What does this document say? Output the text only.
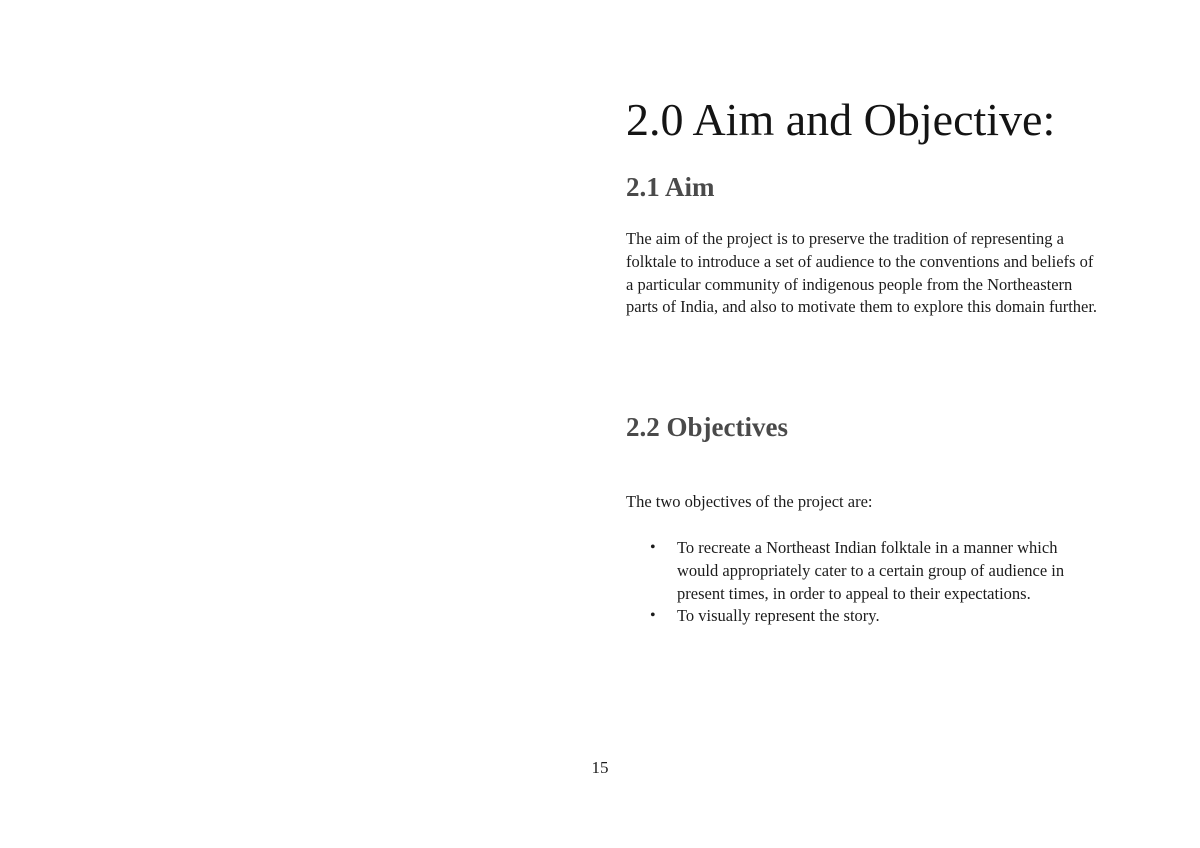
2.0 Aim and Objective:
2.1 Aim

The aim of the project is to preserve the tradition of representing a folktale to introduce a set of audience to the conventions and beliefs of a particular community of indigenous people from the Northeastern parts of India, and also to motivate them to explore this domain further.

2.2 Objectives

The two objectives of the project are:

• To recreate a Northeast Indian folktale in a manner which would appropriately cater to a certain group of audience in present times, in order to appeal to their expectations.
• To visually represent the story.
15
